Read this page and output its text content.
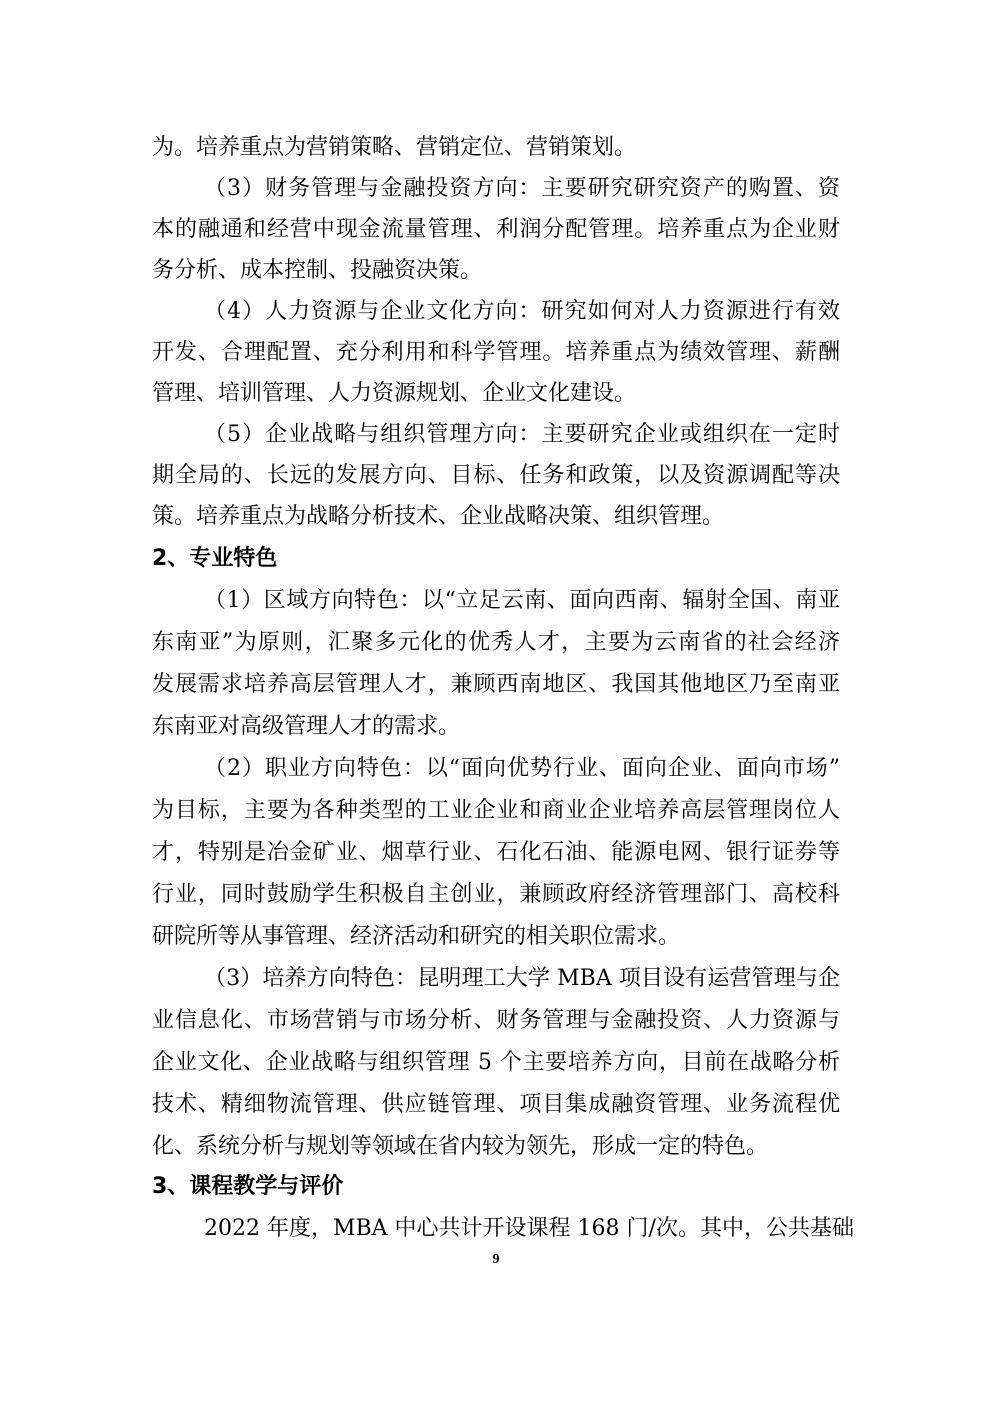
为。培养重点为营销策略、营销定位、营销策划。
（3）财务管理与金融投资方向：主要研究研究资产的购置、资
本的融通和经营中现金流量管理、利润分配管理。培养重点为企业财
务分析、成本控制、投融资决策。
（4）人力资源与企业文化方向：研究如何对人力资源进行有效
开发、合理配置、充分利用和科学管理。培养重点为绩效管理、薪酬
管理、培训管理、人力资源规划、企业文化建设。
（5）企业战略与组织管理方向：主要研究企业或组织在一定时
期全局的、长远的发展方向、目标、任务和政策，以及资源调配等决
策。培养重点为战略分析技术、企业战略决策、组织管理。
2、专业特色
（1）区域方向特色：以“立足云南、面向西南、辐射全国、南亚
东南亚”为原则，汇聚多元化的优秀人才，主要为云南省的社会经济
发展需求培养高层管理人才，兼顾西南地区、我国其他地区乃至南亚
东南亚对高级管理人才的需求。
（2）职业方向特色：以“面向优势行业、面向企业、面向市场”
为目标，主要为各种类型的工业企业和商业企业培养高层管理岗位人
才，特别是冶金矿业、烟草行业、石化石油、能源电网、银行证券等
行业，同时鼓励学生积极自主创业，兼顾政府经济管理部门、高校科
研院所等从事管理、经济活动和研究的相关职位需求。
（3）培养方向特色：昆明理工大学 MBA 项目设有运营管理与企
业信息化、市场营销与市场分析、财务管理与金融投资、人力资源与
企业文化、企业战略与组织管理 5 个主要培养方向，目前在战略分析
技术、精细物流管理、供应链管理、项目集成融资管理、业务流程优
化、系统分析与规划等领域在省内较为领先，形成一定的特色。
3、课程教学与评价
2022 年度，MBA 中心共计开设课程 168 门/次。其中，公共基础
9
